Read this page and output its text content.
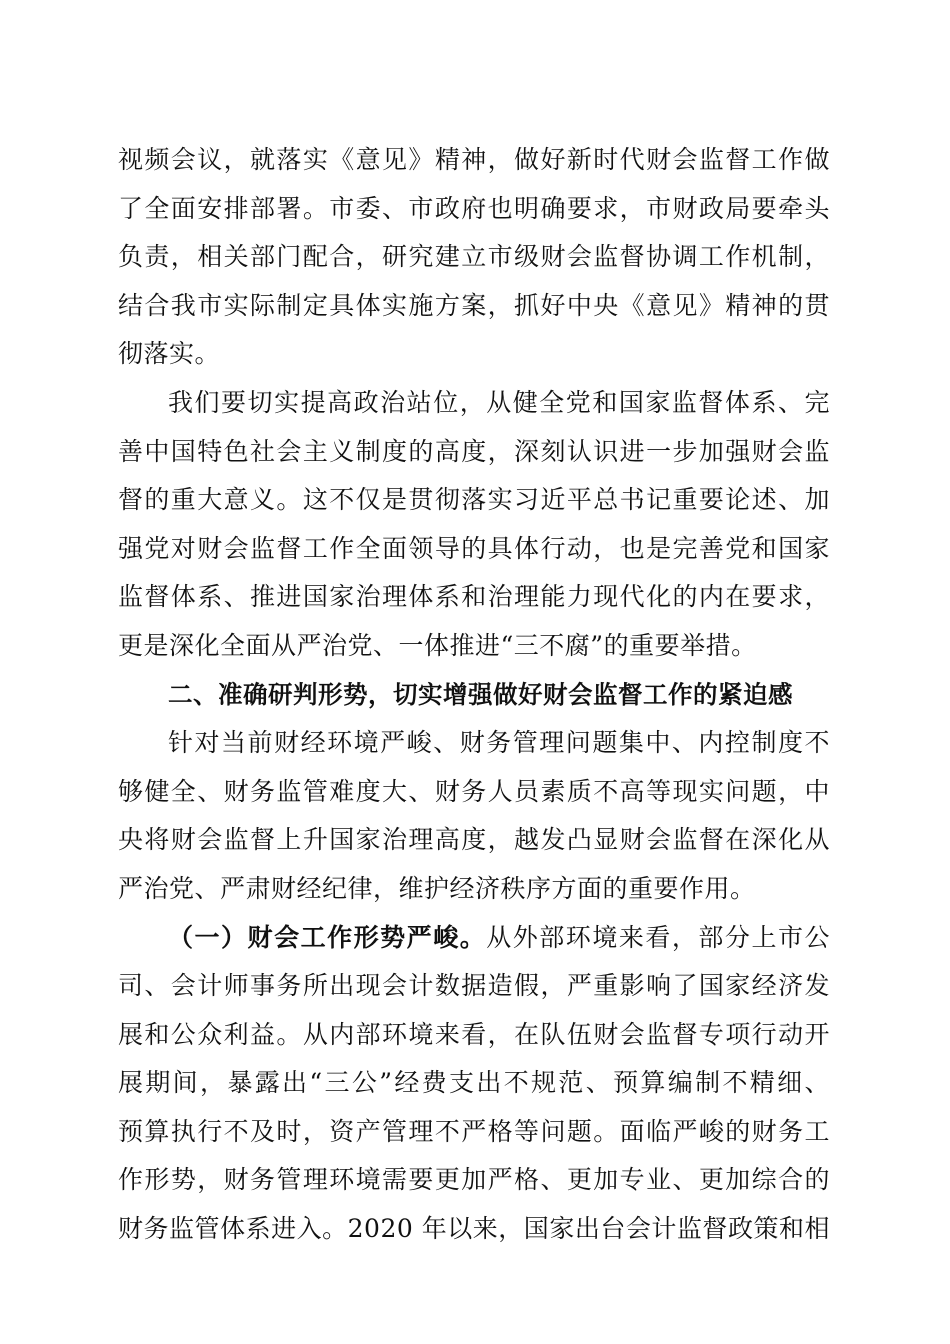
视频会议，就落实《意见》精神，做好新时代财会监督工作做
了全面安排部署。市委、市政府也明确要求，市财政局要牵头
负责，相关部门配合，研究建立市级财会监督协调工作机制，
结合我市实际制定具体实施方案，抓好中央《意见》精神的贯
彻落实。
我们要切实提高政治站位，从健全党和国家监督体系、完
善中国特色社会主义制度的高度，深刻认识进一步加强财会监
督的重大意义。这不仅是贯彻落实习近平总书记重要论述、加
强党对财会监督工作全面领导的具体行动，也是完善党和国家
监督体系、推进国家治理体系和治理能力现代化的内在要求，
更是深化全面从严治党、一体推进“三不腐”的重要举措。
二、准确研判形势，切实增强做好财会监督工作的紧迫感
针对当前财经环境严峻、财务管理问题集中、内控制度不
够健全、财务监管难度大、财务人员素质不高等现实问题，中
央将财会监督上升国家治理高度，越发凸显财会监督在深化从
严治党、严肃财经纪律，维护经济秩序方面的重要作用。
（一）财会工作形势严峻。从外部环境来看，部分上市公
司、会计师事务所出现会计数据造假，严重影响了国家经济发
展和公众利益。从内部环境来看，在队伍财会监督专项行动开
展期间，暴露出“三公”经费支出不规范、预算编制不精细、
预算执行不及时，资产管理不严格等问题。面临严峻的财务工
作形势，财务管理环境需要更加严格、更加专业、更加综合的
财务监管体系进入。2020 年以来，国家出台会计监督政策和相
